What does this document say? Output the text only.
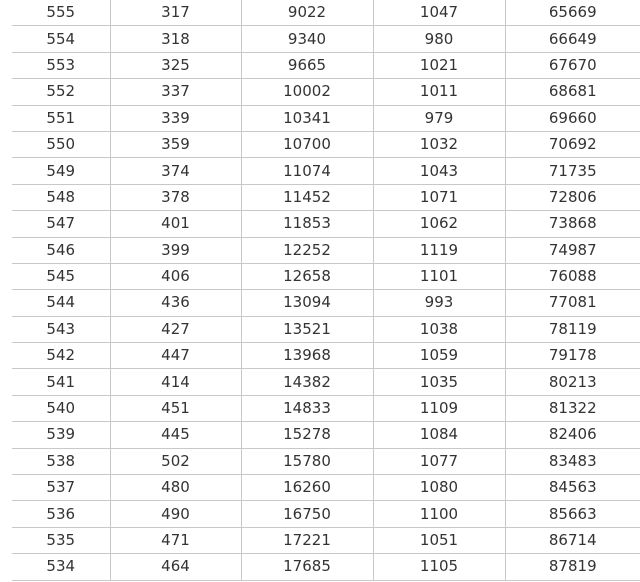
555	317	9022	1047	65669
554	318	9340	980	66649
553	325	9665	1021	67670
552	337	10002	1011	68681
551	339	10341	979	69660
550	359	10700	1032	70692
549	374	11074	1043	71735
548	378	11452	1071	72806
547	401	11853	1062	73868
546	399	12252	1119	74987
545	406	12658	1101	76088
544	436	13094	993	77081
543	427	13521	1038	78119
542	447	13968	1059	79178
541	414	14382	1035	80213
540	451	14833	1109	81322
539	445	15278	1084	82406
538	502	15780	1077	83483
537	480	16260	1080	84563
536	490	16750	1100	85663
535	471	17221	1051	86714
534	464	17685	1105	87819
